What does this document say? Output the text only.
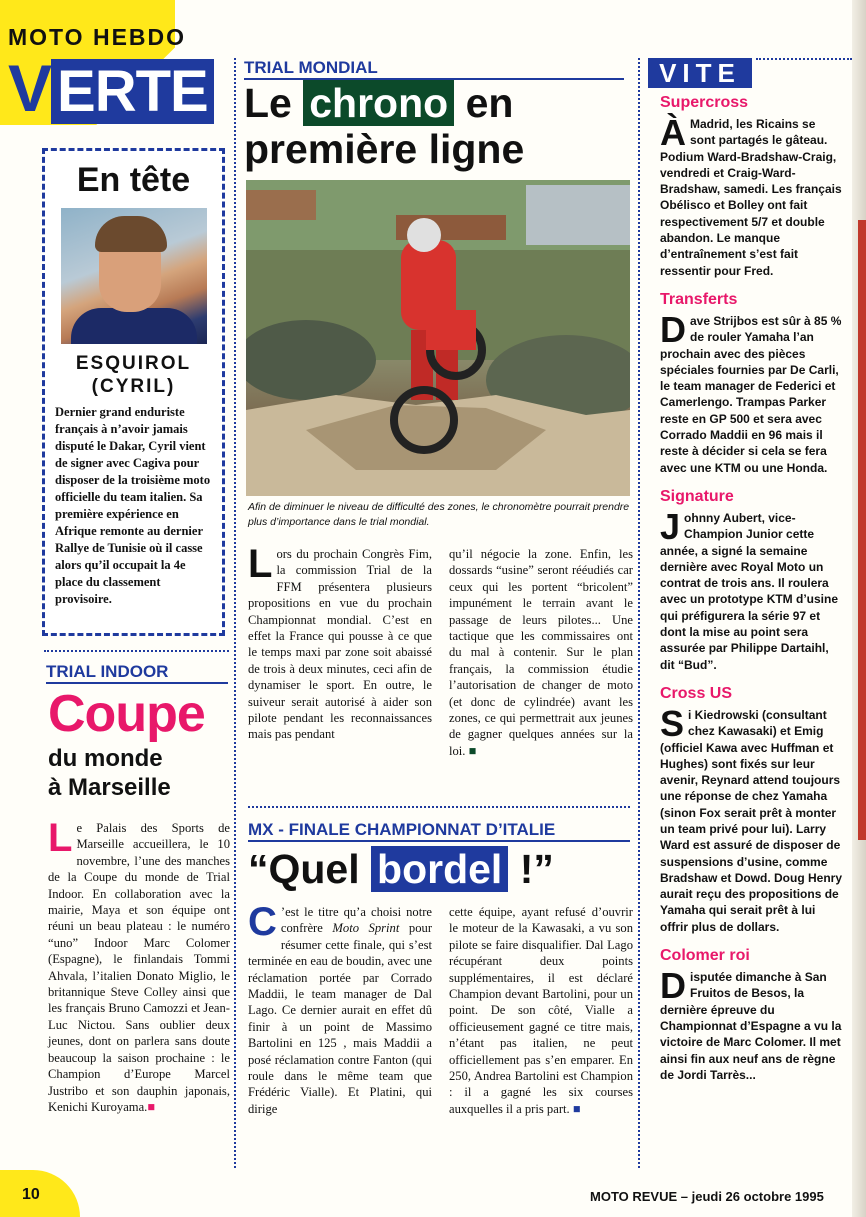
MOTO HEBDO
V ERTE
En tête
ESQUIROL
(CYRIL)
Dernier grand enduriste français à n’avoir jamais disputé le Dakar, Cyril vient de signer avec Cagiva pour disposer de la troisième moto officielle du team italien. Sa première expérience en Afrique remonte au dernier Rallye de Tunisie où il casse alors qu’il occupait la 4e place du classement provisoire.
TRIAL INDOOR
Coupe
du monde
à Marseille
Le Palais des Sports de Marseille accueillera, le 10 novembre, l’une des manches de la Coupe du monde de Trial Indoor. En collaboration avec la mairie, Maya et son équipe ont réuni un beau plateau : le numéro “uno” Indoor Marc Colomer (Espagne), le finlandais Tommi Ahvala, l’italien Donato Miglio, le britannique Steve Colley ainsi que les français Bruno Camozzi et Jean-Luc Nictou. Sans oublier deux jeunes, dont on parlera sans doute beaucoup la saison prochaine : le Champion d’Europe Marcel Justribo et son dauphin japonais, Kenichi Kuroyama.■
TRIAL MONDIAL
Le chrono en
première ligne
Afin de diminuer le niveau de difficulté des zones, le chronomètre pourrait prendre plus d’importance dans le trial mondial.
Lors du prochain Congrès Fim, la commission Trial de la FFM présentera plusieurs propositions en vue du prochain Championnat mondial. C’est en effet la France qui pousse à ce que le temps maxi par zone soit abaissé de trois à deux minutes, ceci afin de dynamiser le sport. En outre, le suiveur serait autorisé à aider son pilote pendant les reconnaissances mais pas pendant
qu’il négocie la zone. Enfin, les dossards “usine” seront rééudiés car ceux qui les portent “bricolent” impunément le terrain avant le passage de leurs pilotes... Une tactique que les commissaires ont du mal à contenir. Sur le plan français, la commission étudie l’autorisation de changer de moto (et donc de cylindrée) avant les zones, ce qui permettrait aux jeunes de gagner quelques années sur la loi. ■
MX - FINALE CHAMPIONNAT D’ITALIE
“Quel bordel !”
C ’est le titre qu’a choisi notre confrère Moto Sprint pour résumer cette finale, qui s’est terminée en eau de boudin, avec une réclamation portée par Corrado Maddii, le team manager de Dal Lago. Ce dernier aurait en effet dû finir à un point de Massimo Bartolini en 125 , mais Maddii a posé réclamation contre Fanton (qui roule dans le même team que Frédéric Vialle). Et Platini, qui dirige
cette équipe, ayant refusé d’ouvrir le moteur de la Kawasaki, a vu son pilote se faire disqualifier. Dal Lago récupérant deux points supplémentaires, il est déclaré Champion devant Bartolini, pour un point. De son côté, Vialle a officieusement gagné ce titre mais, n’étant pas italien, ne peut officiellement pas s’en emparer. En 250, Andrea Bartolini est Champion : il a gagné les six courses auxquelles il a pris part. ■
VITE
Supercross
À Madrid, les Ricains se sont partagés le gâteau. Podium Ward-Bradshaw-Craig, vendredi et Craig-Ward-Bradshaw, samedi. Les français Obélisco et Bolley ont fait respectivement 5/7 et double abandon. Le manque d’entraînement s’est fait ressentir pour Fred.
Transferts
Dave Strijbos est sûr à 85 % de rouler Yamaha l’an prochain avec des pièces spéciales fournies par De Carli, le team manager de Federici et Camerlengo. Trampas Parker reste en GP 500 et sera avec Corrado Maddii en 96 mais il reste à décider si cela se fera avec une KTM ou une Honda.
Signature
Johnny Aubert, vice-Champion Junior cette année, a signé la semaine dernière avec Royal Moto un contrat de trois ans. Il roulera avec un prototype KTM d’usine qui préfigurera la série 97 et dont la mise au point sera assurée par Philippe Dartaihl, dit “Bud”.
Cross US
Si Kiedrowski (consultant chez Kawasaki) et Emig (officiel Kawa avec Huffman et Hughes) sont fixés sur leur avenir, Reynard attend toujours une réponse de chez Yamaha (sinon Fox serait prêt à monter un team privé pour lui). Larry Ward est assuré de disposer de suspensions d’usine, comme Bradshaw et Dowd. Doug Henry aurait reçu des propositions de Yamaha qui serait prêt à lui offrir plus de dollars.
Colomer roi
Disputée dimanche à San Fruitos de Besos, la dernière épreuve du Championnat d’Espagne a vu la victoire de Marc Colomer. Il met ainsi fin aux neuf ans de règne de Jordi Tarrès...
10	MOTO REVUE – jeudi 26 octobre 1995
